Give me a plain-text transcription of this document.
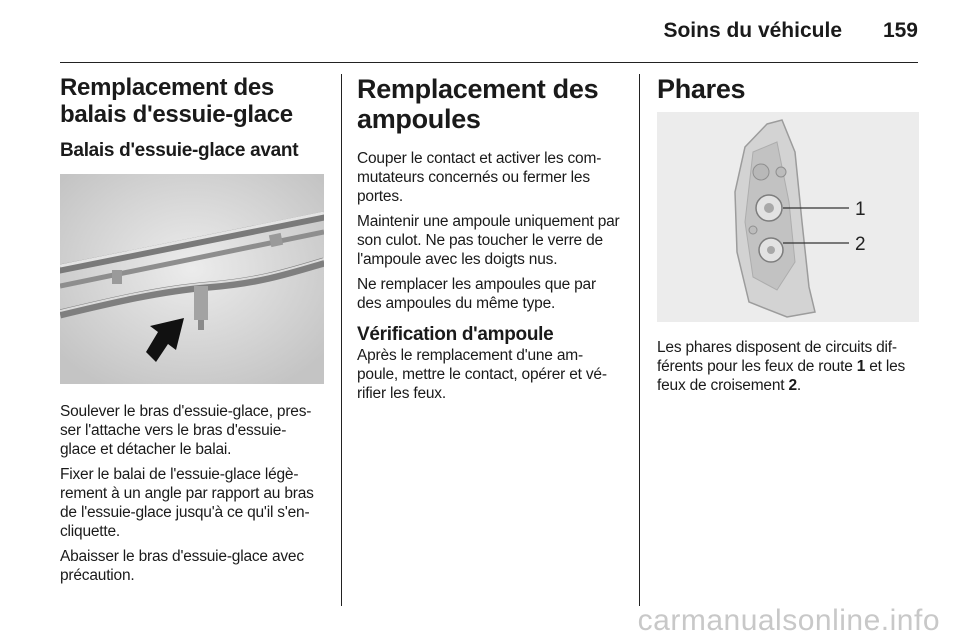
Soins du véhicule 159
Remplacement des balais d'essuie-glace
Balais d'essuie-glace avant

Soulever le bras d'essuie-glace, pres- ser l'attache vers le bras d'essuie- glace et détacher le balai.

Fixer le balai de l'essuie-glace légè- rement à un angle par rapport au bras de l'essuie-glace jusqu'à ce qu'il s'en- cliquette.

Abaisser le bras d'essuie-glace avec précaution.

Remplacement des ampoules

Couper le contact et activer les com- mutateurs concernés ou fermer les portes.

Maintenir une ampoule uniquement par son culot. Ne pas toucher le verre de l'ampoule avec les doigts nus.

Ne remplacer les ampoules que par des ampoules du même type.

Vérification d'ampoule

Après le remplacement d'une am- poule, mettre le contact, opérer et vé- rifier les feux.

Phares
1
2

Les phares disposent de circuits dif- férents pour les feux de route 1 et les feux de croisement 2.

carmanualsonline.info
